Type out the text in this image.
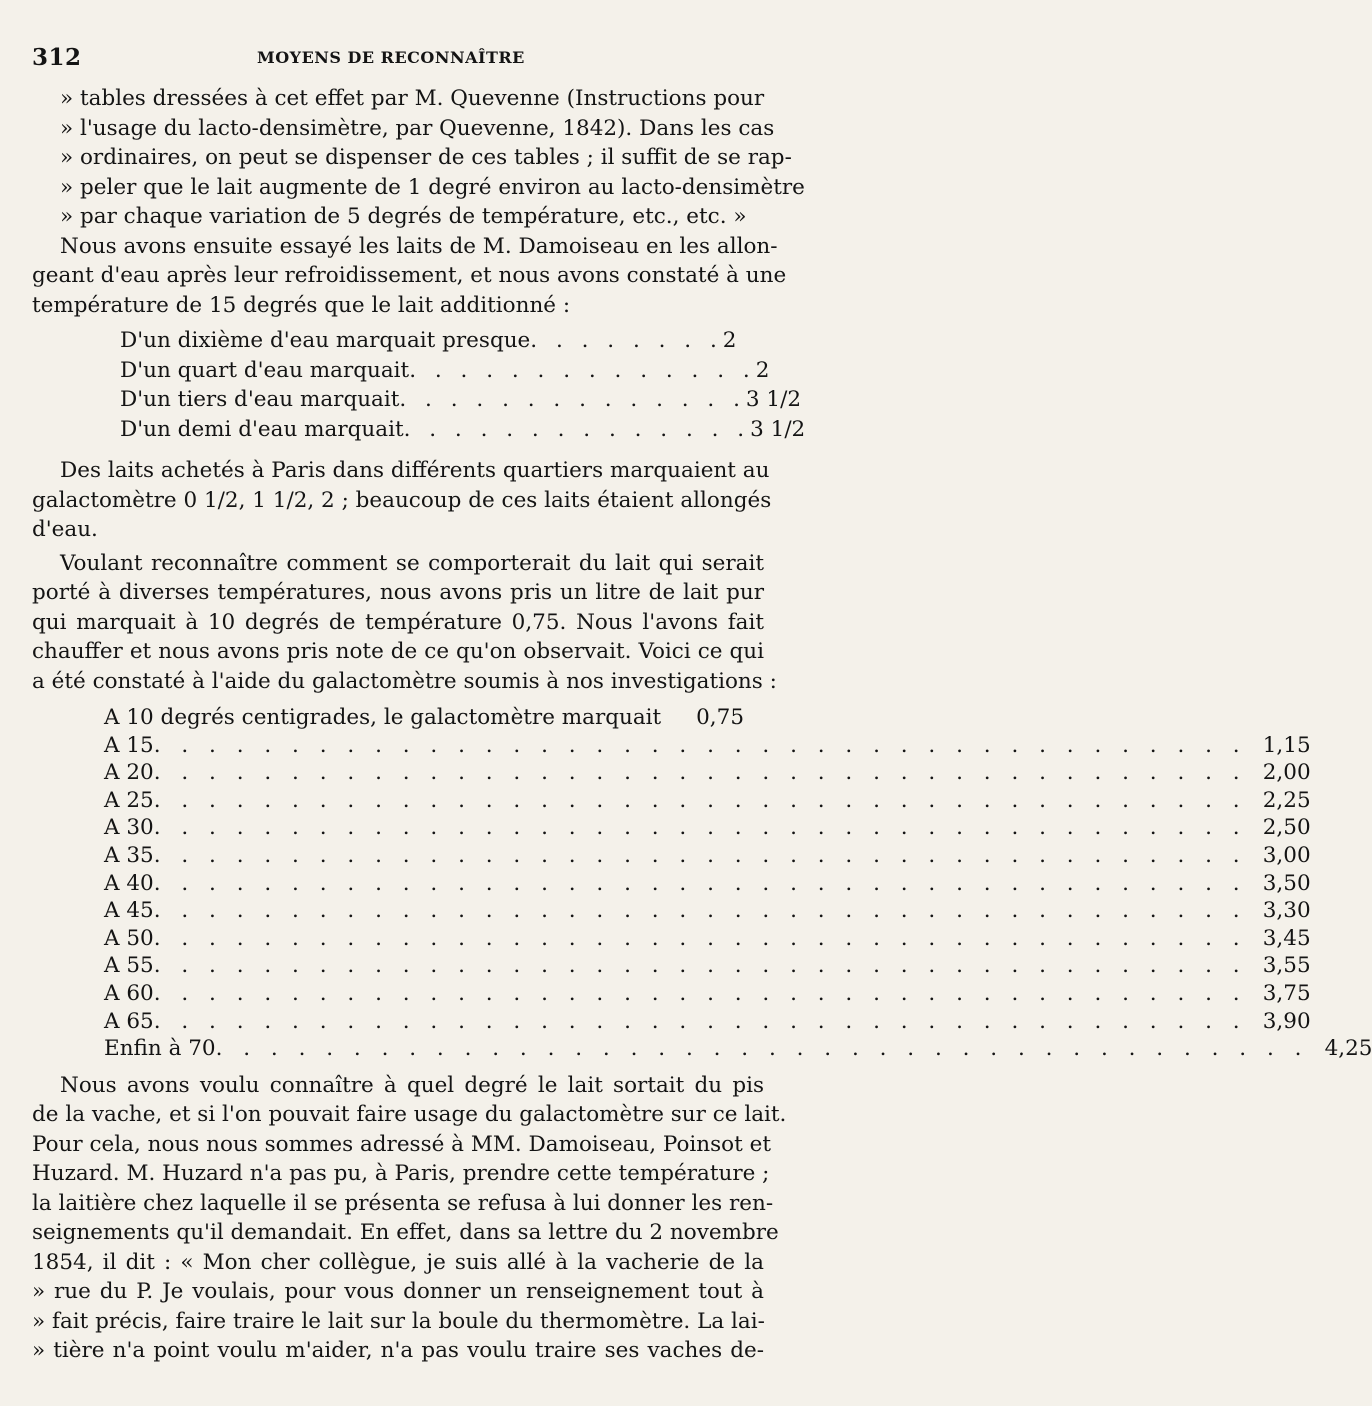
312	MOYENS DE RECONNAÎTRE
» tables dressées à cet effet par M. Quevenne (Instructions pour
» l'usage du lacto-densimètre, par Quevenne, 1842). Dans les cas
» ordinaires, on peut se dispenser de ces tables ; il suffit de se rap-
» peler que le lait augmente de 1 degré environ au lacto-densimètre
» par chaque variation de 5 degrés de température, etc., etc. »
Nous avons ensuite essayé les laits de M. Damoiseau en les allon-
geant d'eau après leur refroidissement, et nous avons constaté à une
température de 15 degrés que le lait additionné :
D'un dixième d'eau marquait presque . . . . . . . . 2
D'un quart d'eau marquait . . . . . . . . . . . . . . 2
D'un tiers d'eau marquait . . . . . . . . . . . . . . 3 1/2
D'un demi d'eau marquait . . . . . . . . . . . . . . 3 1/2
Des laits achetés à Paris dans différents quartiers marquaient au
galactomètre 0 1/2, 1 1/2, 2 ; beaucoup de ces laits étaient allongés
d'eau.
Voulant reconnaître comment se comporterait du lait qui serait
porté à diverses températures, nous avons pris un litre de lait pur
qui marquait à 10 degrés de température 0,75. Nous l'avons fait
chauffer et nous avons pris note de ce qu'on observait. Voici ce qui
a été constaté à l'aide du galactomètre soumis à nos investigations :
A 10 degrés centigrades, le galactomètre marquait	0,75
A 15 . . . . . . . . . . . . . . . . . . . . . . . . . . . . . . . . . . . . . . . . 1,15
A 20 . . . . . . . . . . . . . . . . . . . . . . . . . . . . . . . . . . . . . . . . 2,00
A 25 . . . . . . . . . . . . . . . . . . . . . . . . . . . . . . . . . . . . . . . . 2,25
A 30 . . . . . . . . . . . . . . . . . . . . . . . . . . . . . . . . . . . . . . . . 2,50
A 35 . . . . . . . . . . . . . . . . . . . . . . . . . . . . . . . . . . . . . . . . 3,00
A 40 . . . . . . . . . . . . . . . . . . . . . . . . . . . . . . . . . . . . . . . . 3,50
A 45 . . . . . . . . . . . . . . . . . . . . . . . . . . . . . . . . . . . . . . . . 3,30
A 50 . . . . . . . . . . . . . . . . . . . . . . . . . . . . . . . . . . . . . . . . 3,45
A 55 . . . . . . . . . . . . . . . . . . . . . . . . . . . . . . . . . . . . . . . . 3,55
A 60 . . . . . . . . . . . . . . . . . . . . . . . . . . . . . . . . . . . . . . . . 3,75
A 65 . . . . . . . . . . . . . . . . . . . . . . . . . . . . . . . . . . . . . . . . 3,90
Enfin à 70 . . . . . . . . . . . . . . . . . . . . . . . . . . . . . . . . . . . . . . . . 4,25
Nous avons voulu connaître à quel degré le lait sortait du pis
de la vache, et si l'on pouvait faire usage du galactomètre sur ce lait.
Pour cela, nous nous sommes adressé à MM. Damoiseau, Poinsot et
Huzard. M. Huzard n'a pas pu, à Paris, prendre cette température ;
la laitière chez laquelle il se présenta se refusa à lui donner les ren-
seignements qu'il demandait. En effet, dans sa lettre du 2 novembre
1854, il dit : « Mon cher collègue, je suis allé à la vacherie de la
» rue du P. Je voulais, pour vous donner un renseignement tout à
» fait précis, faire traire le lait sur la boule du thermomètre. La lai-
» tière n'a point voulu m'aider, n'a pas voulu traire ses vaches de-
